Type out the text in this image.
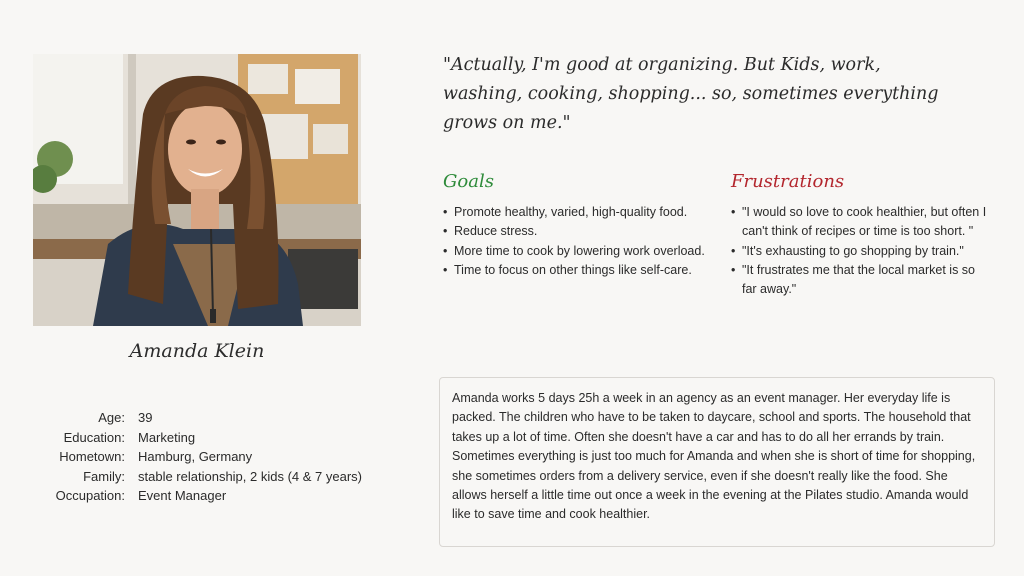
Amanda Klein
Age:	39
Education:	Marketing
Hometown:	Hamburg, Germany
Family:	stable relationship, 2 kids (4 & 7 years)
Occupation:	Event Manager
"Actually, I'm good at organizing. But Kids, work, washing, cooking, shopping... so, sometimes everything grows on me."
Goals
• Promote healthy, varied, high-quality food.
• Reduce stress.
• More time to cook by lowering work overload.
• Time to focus on other things like self-care.
Frustrations
• "I would so love to cook healthier, but often I can't think of recipes or time is too short. "
• "It's exhausting to go shopping by train."
• "It frustrates me that the local market is so far away."
Amanda works 5 days 25h a week in an agency as an event manager. Her everyday life is packed. The children who have to be taken to daycare, school and sports. The household that takes up a lot of time. Often she doesn't have a car and has to do all her errands by train. Sometimes everything is just too much for Amanda and when she is short of time for shopping, she sometimes orders from a delivery service, even if she doesn't really like the food. She allows herself a little time out once a week in the evening at the Pilates studio. Amanda would like to save time and cook healthier.
